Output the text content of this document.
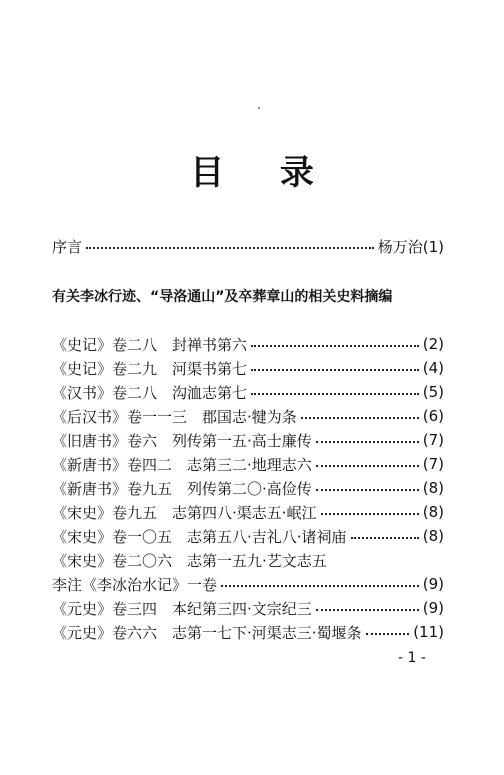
目 录
序言	杨万治(1)
有关李冰行迹、“导洛通山”及卒葬章山的相关史料摘编
《史记》卷二八　封禅书第六	(2)
《史记》卷二九　河渠书第七	(4)
《汉书》卷二八　沟洫志第七	(5)
《后汉书》卷一一三　郡国志·犍为条	(6)
《旧唐书》卷六　列传第一五·高士廉传	(7)
《新唐书》卷四二　志第三二·地理志六	(7)
《新唐书》卷九五　列传第二〇·高俭传	(8)
《宋史》卷九五　志第四八·渠志五·岷江	(8)
《宋史》卷一〇五　志第五八·吉礼八·诸祠庙	(8)
《宋史》卷二〇六　志第一五九·艺文志五
李注《李冰治水记》一卷	(9)
《元史》卷三四　本纪第三四·文宗纪三	(9)
《元史》卷六六　志第一七下·河渠志三·蜀堰条	(11)
- 1 -
